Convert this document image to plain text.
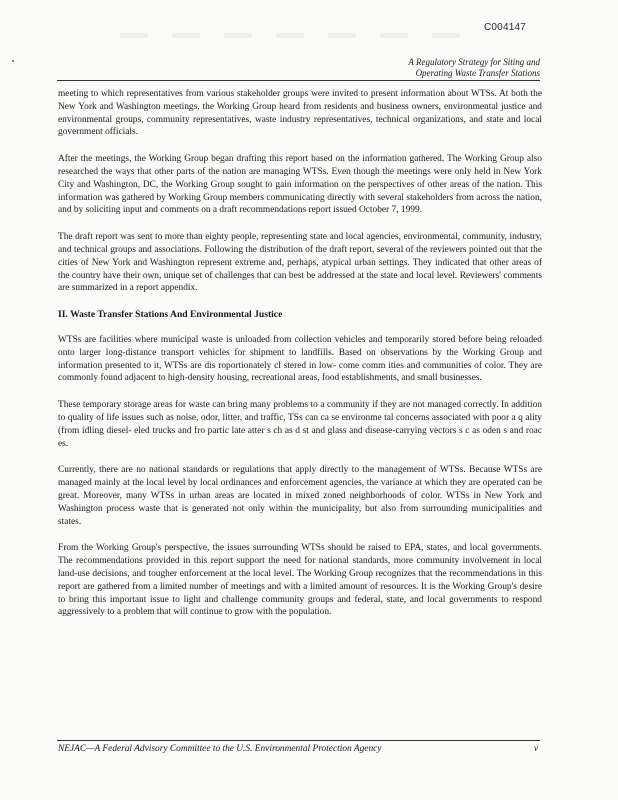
C004147
A Regulatory Strategy for Siting and
Operating Waste Transfer Stations

meeting to which representatives from various stakeholder groups were invited to present information about WTSs. At both the New York and Washington meetings, the Working Group heard from residents and business owners, environmental justice and environmental groups, community representatives, waste industry representatives, technical organizations, and state and local government officials.

After the meetings, the Working Group began drafting this report based on the information gathered. The Working Group also researched the ways that other parts of the nation are managing WTSs. Even though the meetings were only held in New York City and Washington, DC, the Working Group sought to gain information on the perspectives of other areas of the nation. This information was gathered by Working Group members communicating directly with several stakeholders from across the nation, and by soliciting input and comments on a draft recommendations report issued October 7, 1999.

The draft report was sent to more than eighty people, representing state and local agencies, environmental, community, industry, and technical groups and associations. Following the distribution of the draft report, several of the reviewers pointed out that the cities of New York and Washington represent extreme and, perhaps, atypical urban settings. They indicated that other areas of the country have their own, unique set of challenges that can best be addressed at the state and local level. Reviewers' comments are summarized in a report appendix.

II. Waste Transfer Stations And Environmental Justice

WTSs are facilities where municipal waste is unloaded from collection vehicles and temporarily stored before being reloaded onto larger long-distance transport vehicles for shipment to landfills. Based on observations by the Working Group and information presented to it, WTSs are dis roportionately cl stered in low- come comm ities and communities of color. They are commonly found adjacent to high-density housing, recreational areas, food establishments, and small businesses.

These temporary storage areas for waste can bring many problems to a community if they are not managed correctly. In addition to quality of life issues such as noise, odor, litter, and traffic, TSs can ca se environme tal concerns associated with poor a q ality (from idling diesel- eled trucks and fro partic late atter s ch as d st and glass and disease-carrying vectors s c as oden s and roac es.

Currently, there are no national standards or regulations that apply directly to the management of WTSs. Because WTSs are managed mainly at the local level by local ordinances and enforcement agencies, the variance at which they are operated can be great. Moreover, many WTSs in urban areas are located in mixed zoned neighborhoods of color. WTSs in New York and Washington process waste that is generated not only within the municipality, but also from surrounding municipalities and states.

From the Working Group's perspective, the issues surrounding WTSs should be raised to EPA, states, and local governments. The recommendations provided in this report support the need for national standards, more community involvement in local land-use decisions, and tougher enforcement at the local level. The Working Group recognizes that the recommendations in this report are gathered from a limited number of meetings and with a limited amount of resources. It is the Working Group's desire to bring this important issue to light and challenge community groups and federal, state, and local governments to respond aggressively to a problem that will continue to grow with the population.

NEJAC—A Federal Advisory Committee to the U.S. Environmental Protection Agency	v
